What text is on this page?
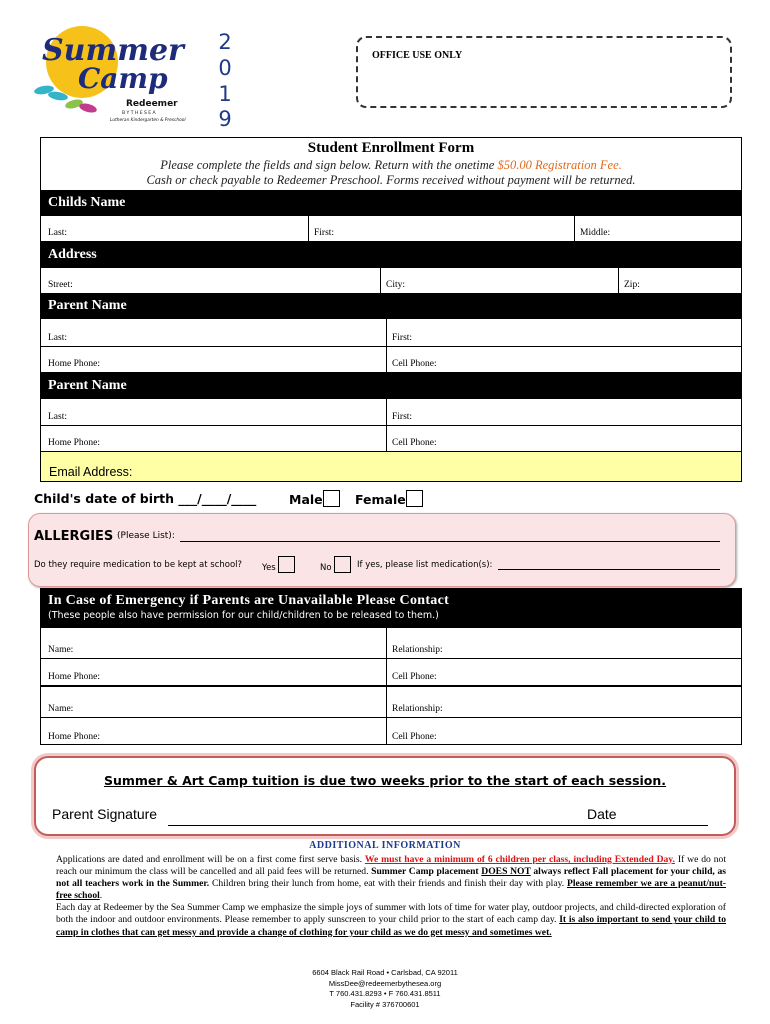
Summer
Camp
Redeemer
B Y T H E S E A
Lutheran Kindergarten & Preschool
2
0
1
9
OFFICE USE ONLY
Student Enrollment Form
Please complete the fields and sign below. Return with the onetime $50.00 Registration Fee.
Cash or check payable to Redeemer Preschool. Forms received without payment will be returned.
Childs Name
Last:	First:	Middle:
Address
Street:	City:	Zip:
Parent Name
Last:	First:
Home Phone:	Cell Phone:
Parent Name
Last:	First:
Home Phone:	Cell Phone:
Email Address:
Child's date of birth ___/____/____	Male	Female
ALLERGIES (Please List):
Do they require medication to be kept at school? Yes	No	If yes, please list medication(s):
In Case of Emergency if Parents are Unavailable Please Contact
(These people also have permission for our child/children to be released to them.)
Name:	Relationship:
Home Phone:	Cell Phone:
Name:	Relationship:
Home Phone:	Cell Phone:
Summer & Art Camp tuition is due two weeks prior to the start of each session.
Parent Signature	Date
ADDITIONAL INFORMATION
Applications are dated and enrollment will be on a first come first serve basis. We must have a minimum of 6 children per class, including Extended Day. If we do not reach our minimum the class will be cancelled and all paid fees will be returned. Summer Camp placement DOES NOT always reflect Fall placement for your child, as not all teachers work in the Summer. Children bring their lunch from home, eat with their friends and finish their day with play. Please remember we are a peanut/nut-free school.
Each day at Redeemer by the Sea Summer Camp we emphasize the simple joys of summer with lots of time for water play, outdoor projects, and child-directed exploration of both the indoor and outdoor environments. Please remember to apply sunscreen to your child prior to the start of each camp day. It is also important to send your child to camp in clothes that can get messy and provide a change of clothing for your child as we do get messy and sometimes wet.
6604 Black Rail Road • Carlsbad, CA 92011
MissDee@redeemerbythesea.org
T 760.431.8293 • F 760.431.8511
Facility # 376700601
